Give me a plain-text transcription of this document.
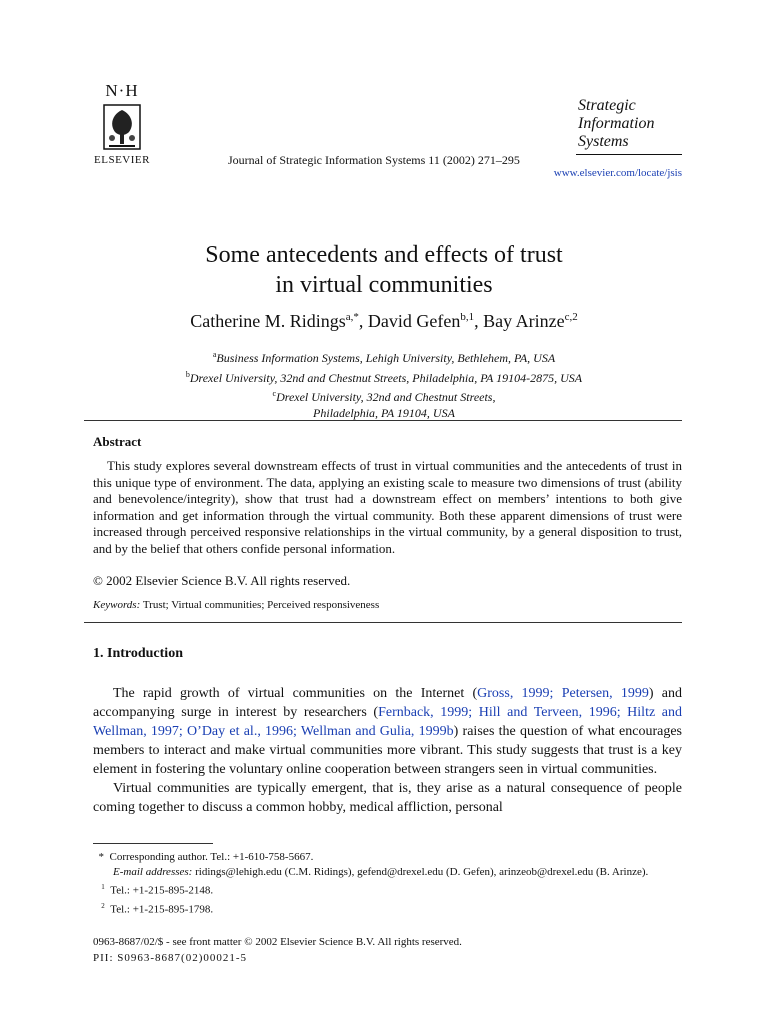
N·H
ELSEVIER	Journal of Strategic Information Systems 11 (2002) 271–295
Strategic
Information
Systems
www.elsevier.com/locate/jsis
Some antecedents and effects of trust
in virtual communities
Catherine M. Ridings$^{a,*}$, David Gefen$^{b,1}$, Bay Arinze$^{c,2}$
$^a$Business Information Systems, Lehigh University, Bethlehem, PA, USA
$^b$Drexel University, 32nd and Chestnut Streets, Philadelphia, PA 19104-2875, USA
$^c$Drexel University, 32nd and Chestnut Streets,
Philadelphia, PA 19104, USA
Abstract

This study explores several downstream effects of trust in virtual communities and the antecedents of trust in this unique type of environment. The data, applying an existing scale to measure two dimensions of trust (ability and benevolence/integrity), show that trust had a downstream effect on members’ intentions to both give information and get information through the virtual community. Both these apparent dimensions of trust were increased through perceived responsive relationships in the virtual community, by a general disposition to trust, and by the belief that others confide personal information.

© 2002 Elsevier Science B.V. All rights reserved.
Keywords: Trust; Virtual communities; Perceived responsiveness
1. Introduction

The rapid growth of virtual communities on the Internet (Gross, 1999; Petersen, 1999) and accompanying surge in interest by researchers (Fernback, 1999; Hill and Terveen, 1996; Hiltz and Wellman, 1997; O’Day et al., 1996; Wellman and Gulia, 1999b) raises the question of what encourages members to interact and make virtual communities more vibrant. This study suggests that trust is a key element in fostering the voluntary online cooperation between strangers seen in virtual communities.

Virtual communities are typically emergent, that is, they arise as a natural consequence of people coming together to discuss a common hobby, medical affliction, personal

* Corresponding author. Tel.: +1-610-758-5667.
E-mail addresses: ridings@lehigh.edu (C.M. Ridings), gefend@drexel.edu (D. Gefen), arinzeob@drexel.edu (B. Arinze).
$^1$ Tel.: +1-215-895-2148.
$^2$ Tel.: +1-215-895-1798.
0963-8687/02/$ - see front matter © 2002 Elsevier Science B.V. All rights reserved.
PII: S0963-8687(02)00021-5
